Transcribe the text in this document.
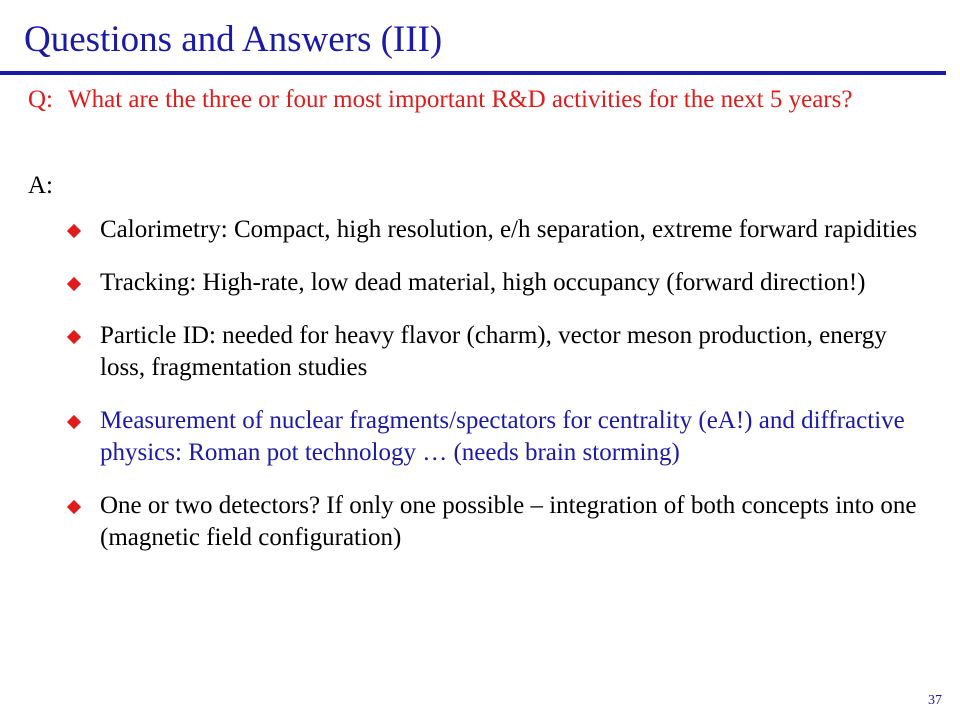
Questions and Answers (III)
Q: What are the three or four most important R&D activities for the next 5 years?
A:
Calorimetry: Compact, high resolution, e/h separation, extreme forward rapidities
Tracking: High-rate, low dead material, high occupancy (forward direction!)
Particle ID: needed for heavy flavor (charm), vector meson production, energy loss, fragmentation studies
Measurement of nuclear fragments/spectators for centrality (eA!) and diffractive physics: Roman pot technology … (needs brain storming)
One or two detectors? If only one possible – integration of both concepts into one (magnetic field configuration)
37
